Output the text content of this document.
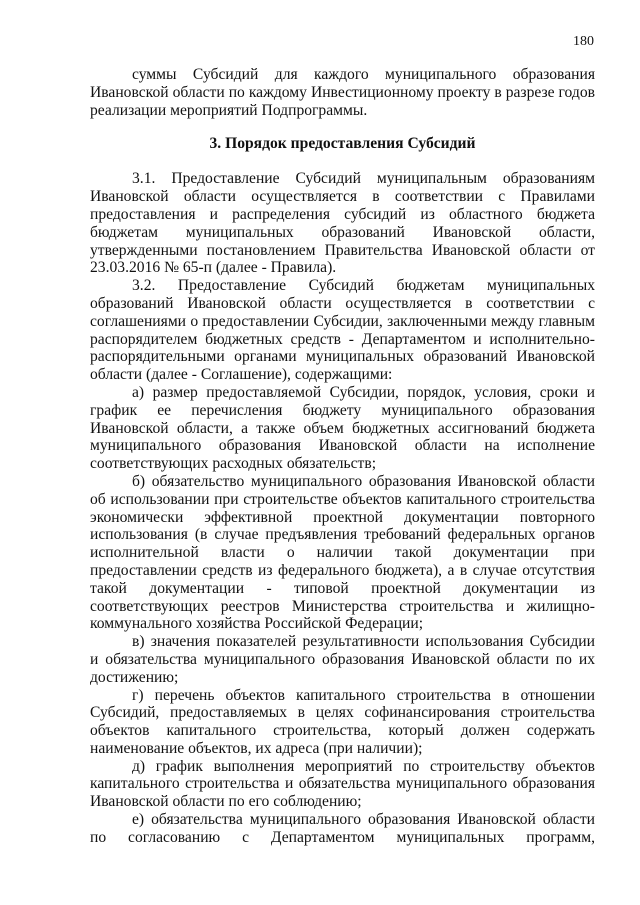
180

суммы Субсидий для каждого муниципального образования Ивановской области по каждому Инвестиционному проекту в разрезе годов реализации мероприятий Подпрограммы.

3. Порядок предоставления Субсидий

3.1. Предоставление Субсидий муниципальным образованиям Ивановской области осуществляется в соответствии с Правилами предоставления и распределения субсидий из областного бюджета бюджетам муниципальных образований Ивановской области, утвержденными постановлением Правительства Ивановской области от 23.03.2016 № 65-п (далее - Правила).

3.2. Предоставление Субсидий бюджетам муниципальных образований Ивановской области осуществляется в соответствии с соглашениями о предоставлении Субсидии, заключенными между главным распорядителем бюджетных средств - Департаментом и исполнительно-распорядительными органами муниципальных образований Ивановской области (далее - Соглашение), содержащими:

а) размер предоставляемой Субсидии, порядок, условия, сроки и график ее перечисления бюджету муниципального образования Ивановской области, а также объем бюджетных ассигнований бюджета муниципального образования Ивановской области на исполнение соответствующих расходных обязательств;

б) обязательство муниципального образования Ивановской области об использовании при строительстве объектов капитального строительства экономически эффективной проектной документации повторного использования (в случае предъявления требований федеральных органов исполнительной власти о наличии такой документации при предоставлении средств из федерального бюджета), а в случае отсутствия такой документации - типовой проектной документации из соответствующих реестров Министерства строительства и жилищно-коммунального хозяйства Российской Федерации;

в) значения показателей результативности использования Субсидии и обязательства муниципального образования Ивановской области по их достижению;

г) перечень объектов капитального строительства в отношении Субсидий, предоставляемых в целях софинансирования строительства объектов капитального строительства, который должен содержать наименование объектов, их адреса (при наличии);

д) график выполнения мероприятий по строительству объектов капитального строительства и обязательства муниципального образования Ивановской области по его соблюдению;

е) обязательства муниципального образования Ивановской области по согласованию с Департаментом муниципальных программ,
